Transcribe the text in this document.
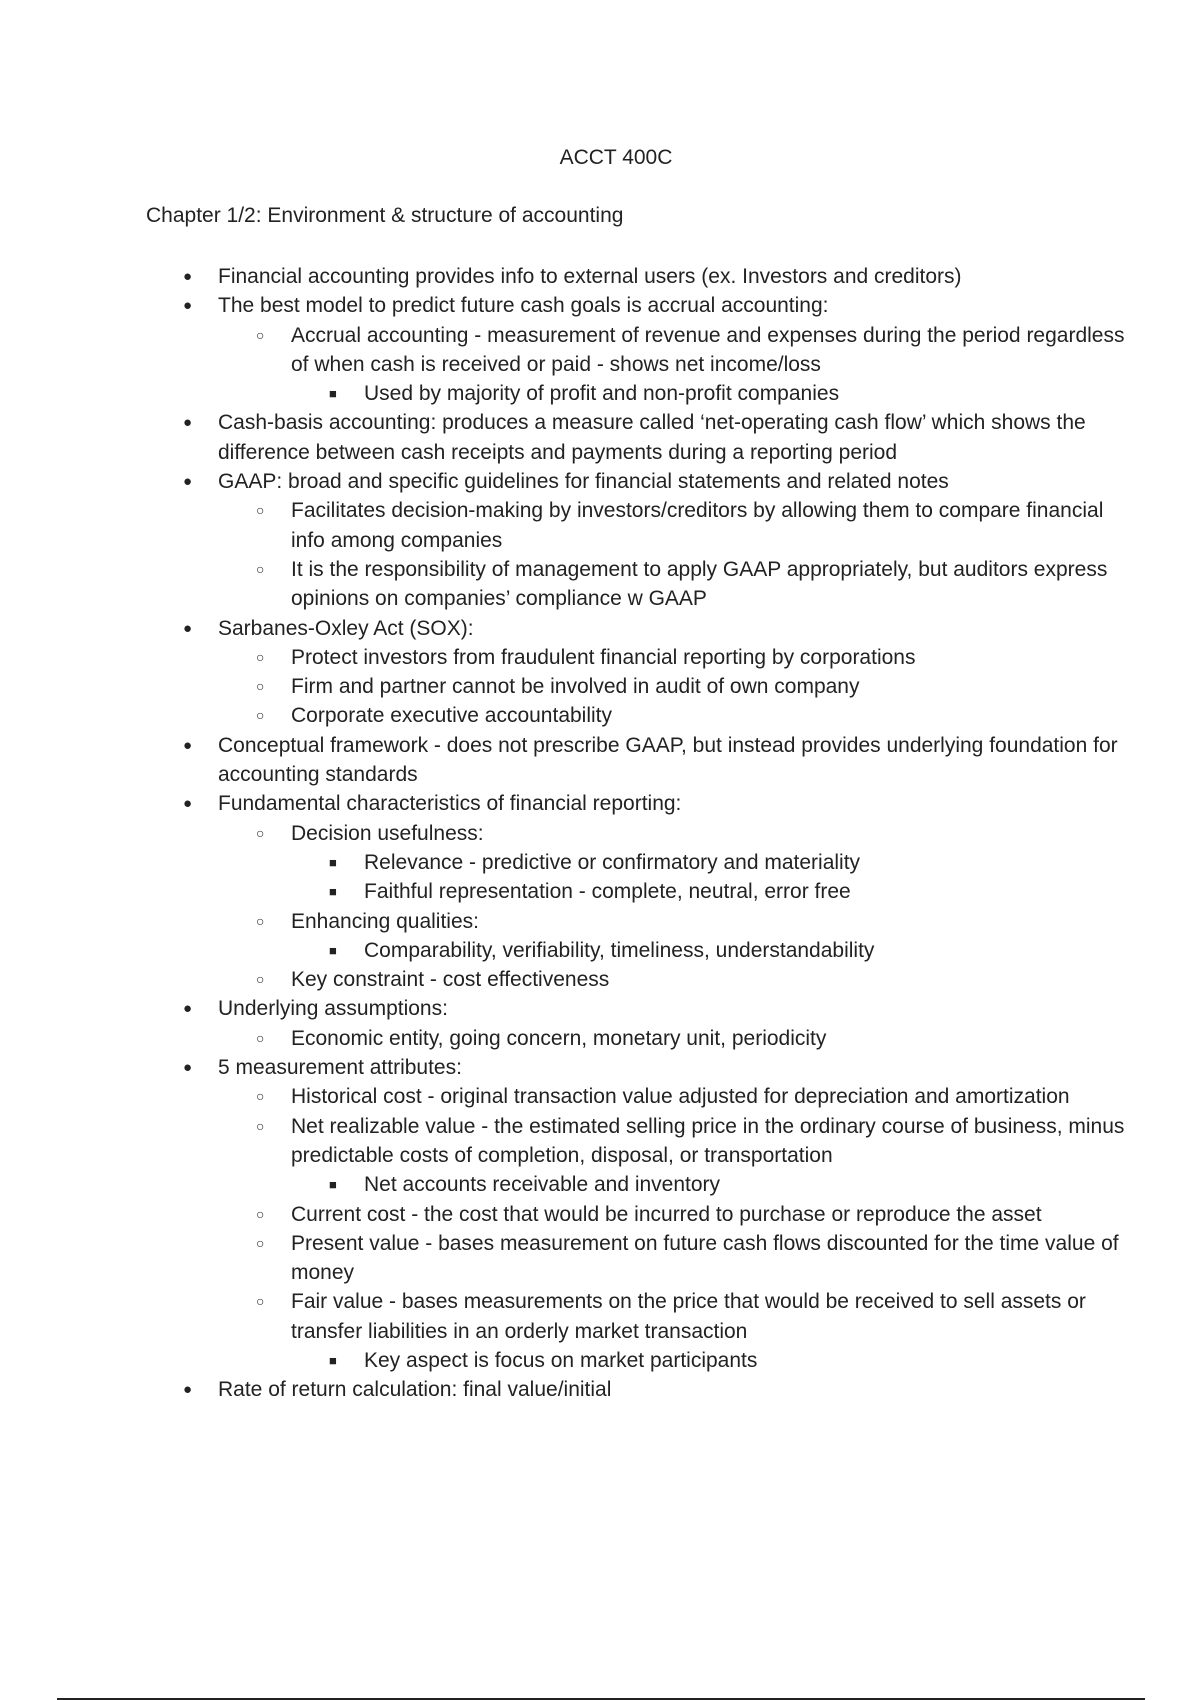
ACCT 400C
Chapter 1/2: Environment & structure of accounting
● Financial accounting provides info to external users (ex. Investors and creditors)
● The best model to predict future cash goals is accrual accounting:
○ Accrual accounting - measurement of revenue and expenses during the period regardless of when cash is received or paid - shows net income/loss
■ Used by majority of profit and non-profit companies
● Cash-basis accounting: produces a measure called ‘net-operating cash flow’ which shows the difference between cash receipts and payments during a reporting period
● GAAP: broad and specific guidelines for financial statements and related notes
○ Facilitates decision-making by investors/creditors by allowing them to compare financial info among companies
○ It is the responsibility of management to apply GAAP appropriately, but auditors express opinions on companies’ compliance w GAAP
● Sarbanes-Oxley Act (SOX):
○ Protect investors from fraudulent financial reporting by corporations
○ Firm and partner cannot be involved in audit of own company
○ Corporate executive accountability
● Conceptual framework - does not prescribe GAAP, but instead provides underlying foundation for accounting standards
● Fundamental characteristics of financial reporting:
○ Decision usefulness:
■ Relevance - predictive or confirmatory and materiality
■ Faithful representation - complete, neutral, error free
○ Enhancing qualities:
■ Comparability, verifiability, timeliness, understandability
○ Key constraint - cost effectiveness
● Underlying assumptions:
○ Economic entity, going concern, monetary unit, periodicity
● 5 measurement attributes:
○ Historical cost - original transaction value adjusted for depreciation and amortization
○ Net realizable value - the estimated selling price in the ordinary course of business, minus predictable costs of completion, disposal, or transportation
■ Net accounts receivable and inventory
○ Current cost - the cost that would be incurred to purchase or reproduce the asset
○ Present value - bases measurement on future cash flows discounted for the time value of money
○ Fair value - bases measurements on the price that would be received to sell assets or transfer liabilities in an orderly market transaction
■ Key aspect is focus on market participants
● Rate of return calculation: final value/initial
